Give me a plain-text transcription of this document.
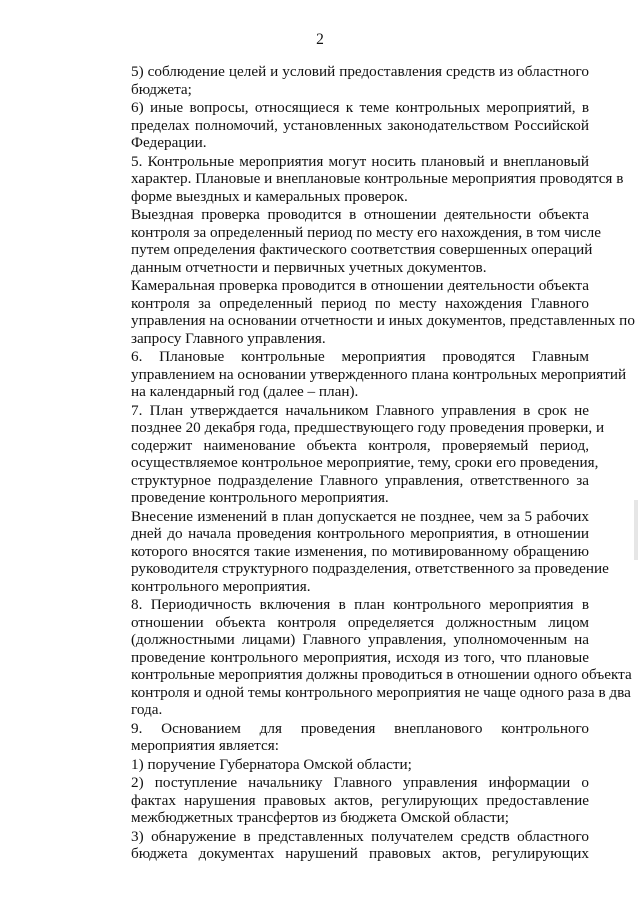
2

5) соблюдение целей и условий предоставления средств из областного
бюджета;

6) иные вопросы, относящиеся к теме контрольных мероприятий, в
пределах полномочий, установленных законодательством Российской
Федерации.

5. Контрольные мероприятия могут носить плановый и внеплановый
характер. Плановые и внеплановые контрольные мероприятия проводятся в
форме выездных и камеральных проверок.

Выездная проверка проводится в отношении деятельности объекта
контроля за определенный период по месту его нахождения, в том числе
путем определения фактического соответствия совершенных операций
данным отчетности и первичных учетных документов.

Камеральная проверка проводится в отношении деятельности объекта
контроля за определенный период по месту нахождения Главного
управления на основании отчетности и иных документов, представленных по
запросу Главного управления.

6. Плановые контрольные мероприятия проводятся Главным
управлением на основании утвержденного плана контрольных мероприятий
на календарный год (далее – план).

7. План утверждается начальником Главного управления в срок не
позднее 20 декабря года, предшествующего году проведения проверки, и
содержит наименование объекта контроля, проверяемый период,
осуществляемое контрольное мероприятие, тему, сроки его проведения,
структурное подразделение Главного управления, ответственного за
проведение контрольного мероприятия.

Внесение изменений в план допускается не позднее, чем за 5 рабочих
дней до начала проведения контрольного мероприятия, в отношении
которого вносятся такие изменения, по мотивированному обращению
руководителя структурного подразделения, ответственного за проведение
контрольного мероприятия.

8. Периодичность включения в план контрольного мероприятия в
отношении объекта контроля определяется должностным лицом
(должностными лицами) Главного управления, уполномоченным на
проведение контрольного мероприятия, исходя из того, что плановые
контрольные мероприятия должны проводиться в отношении одного объекта
контроля и одной темы контрольного мероприятия не чаще одного раза в два
года.

9. Основанием для проведения внепланового контрольного
мероприятия является:

1) поручение Губернатора Омской области;

2) поступление начальнику Главного управления информации о
фактах нарушения правовых актов, регулирующих предоставление
межбюджетных трансфертов из бюджета Омской области;

3) обнаружение в представленных получателем средств областного
бюджета документах нарушений правовых актов, регулирующих
